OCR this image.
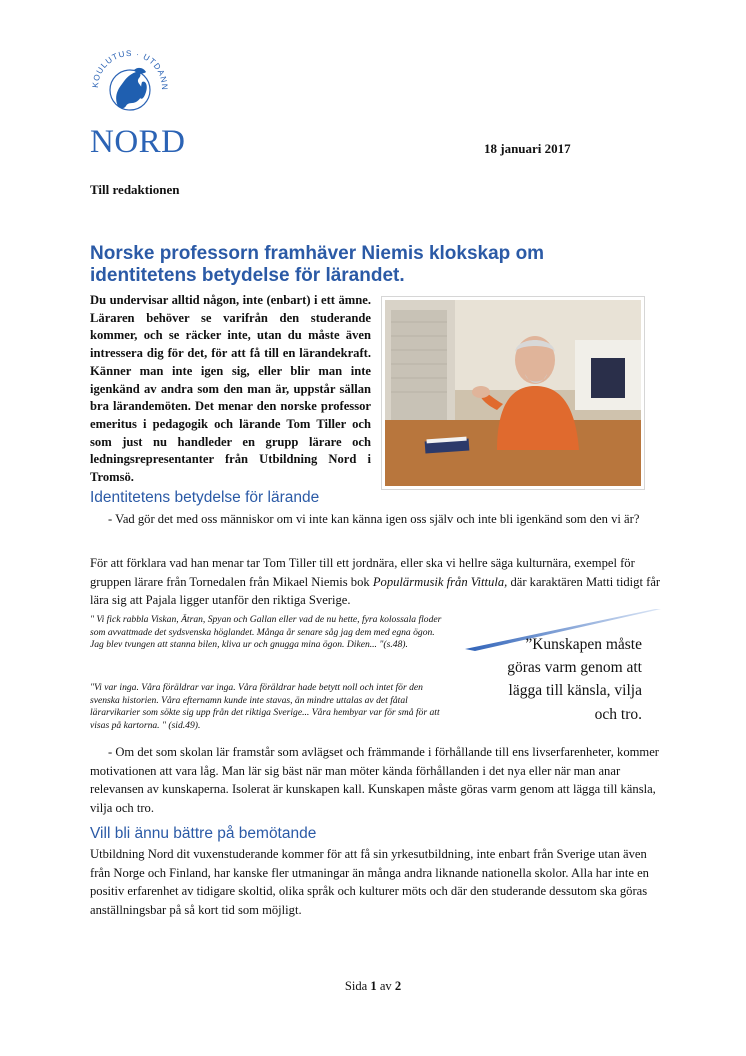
KOULUTUS · UTDANN
NORD	18 januari 2017
Till redaktionen
Norske professorn framhäver Niemis klokskap om identitetens betydelse för lärandet.
Du undervisar alltid någon, inte (enbart) i ett ämne. Läraren behöver se varifrån den studerande kommer, och se räcker inte, utan du måste även intressera dig för det, för att få till en lärandekraft. Känner man inte igen sig, eller blir man inte igenkänd av andra som den man är, uppstår sällan bra lärandemöten. Det menar den norske professor emeritus i pedagogik och lärande Tom Tiller och som just nu handleder en grupp lärare och ledningsrepresentanter från Utbildning Nord i Tromsö.
Identitetens betydelse för lärande

- Vad gör det med oss människor om vi inte kan känna igen oss själv och inte bli igenkänd som den vi är?

För att förklara vad han menar tar Tom Tiller till ett jordnära, eller ska vi hellre säga kulturnära, exempel för gruppen lärare från Tornedalen från Mikael Niemis bok Populärmusik från Vittula, där karaktären Matti tidigt får lära sig att Pajala ligger utanför den riktiga Sverige.

" Vi fick rabbla Viskan, Ätran, Spyan och Gallan eller vad de nu hette, fyra kolossala floder som avvattmade det sydsvenska höglandet. Många år senare såg jag dem med egna ögon. Jag blev tvungen att stanna bilen, kliva ur och gnugga mina ögon. Diken... "(s.48).

"Vi var inga. Våra föräldrar var inga. Våra föräldrar hade betytt noll och intet för den svenska historien. Våra efternamn kunde inte stavas, än mindre uttalas av det fåtal lärarvikarier som sökte sig upp från det riktiga Sverige... Våra hembyar var för små för att visas på kartorna. " (sid.49).

”Kunskapen måste göras varm genom att lägga till känsla, vilja och tro.

- Om det som skolan lär framstår som avlägset och främmande i förhållande till ens livserfarenheter, kommer motivationen att vara låg. Man lär sig bäst när man möter kända förhållanden i det nya eller när man anar relevansen av kunskaperna. Isolerat är kunskapen kall. Kunskapen måste göras varm genom att lägga till känsla, vilja och tro.

Vill bli ännu bättre på bemötande

Utbildning Nord dit vuxenstuderande kommer för att få sin yrkesutbildning, inte enbart från Sverige utan även från Norge och Finland, har kanske fler utmaningar än många andra liknande nationella skolor. Alla har inte en positiv erfarenhet av tidigare skoltid, olika språk och kulturer möts och där den studerande dessutom ska göras anställningsbar på så kort tid som möjligt.

Sida 1 av 2
